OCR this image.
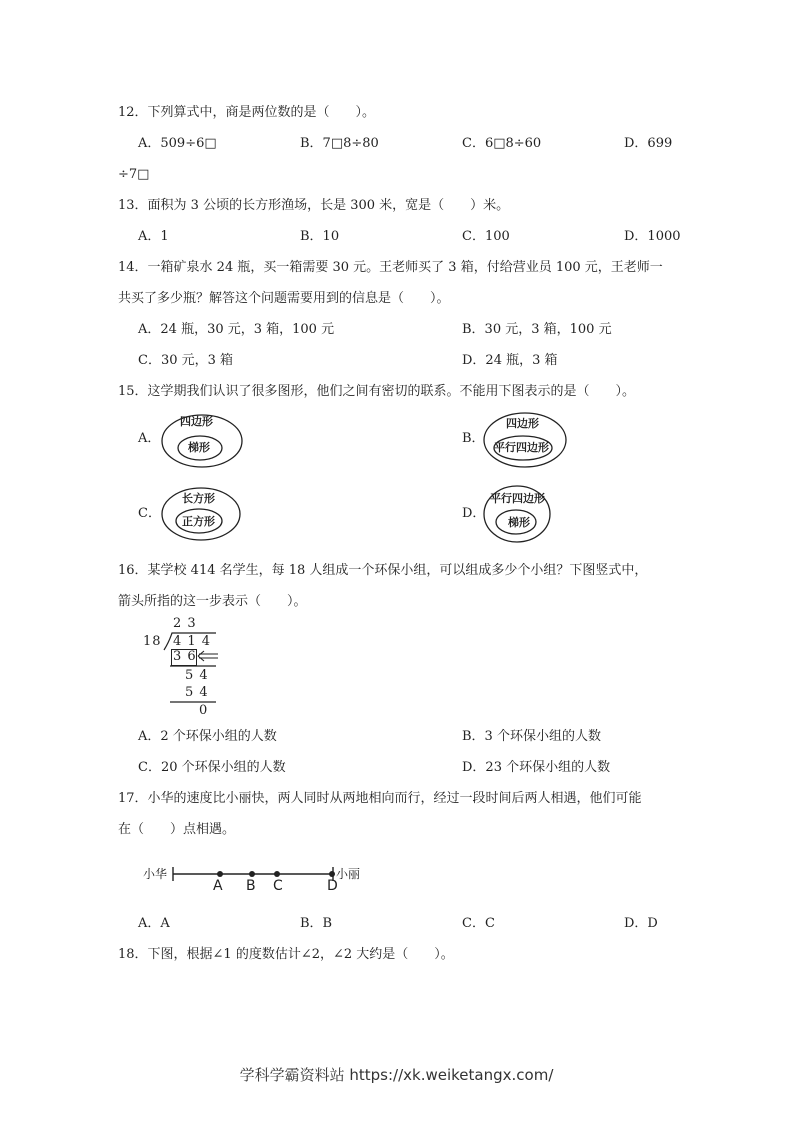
12．下列算式中，商是两位数的是（　　）。
A．509÷6□	B．7□8÷80	C．6□8÷60	D．699
÷7□
13．面积为 3 公顷的长方形渔场，长是 300 米，宽是（　　）米。
A．1	B．10	C．100	D．1000
14．一箱矿泉水 24 瓶，买一箱需要 30 元。王老师买了 3 箱，付给营业员 100 元，王老师一
共买了多少瓶？解答这个问题需要用到的信息是（　　）。
A．24 瓶，30 元，3 箱，100 元	B．30 元，3 箱，100 元
C．30 元，3 箱	D．24 瓶，3 箱
15．这学期我们认识了很多图形，他们之间有密切的联系。不能用下图表示的是（　　）。
A．
四边形
梯形
B．
四边形
平行四边形
C．
长方形
正方形
D．
平行四边形
梯形
16．某学校 414 名学生，每 18 人组成一个环保小组，可以组成多少个小组？下图竖式中，
箭头所指的这一步表示（　　）。
2 3
18 4 1 4
3 6
5 4
5 4
0
A．2 个环保小组的人数	B．3 个环保小组的人数
C．20 个环保小组的人数	D．23 个环保小组的人数
17．小华的速度比小丽快，两人同时从两地相向而行，经过一段时间后两人相遇，他们可能
在（　　）点相遇。
小华	小丽
A B C	D
A．A	B．B	C．C	D．D
18．下图，根据∠1 的度数估计∠2，∠2 大约是（　　）。
学科学霸资料站 https://xk.weiketangx.com/
